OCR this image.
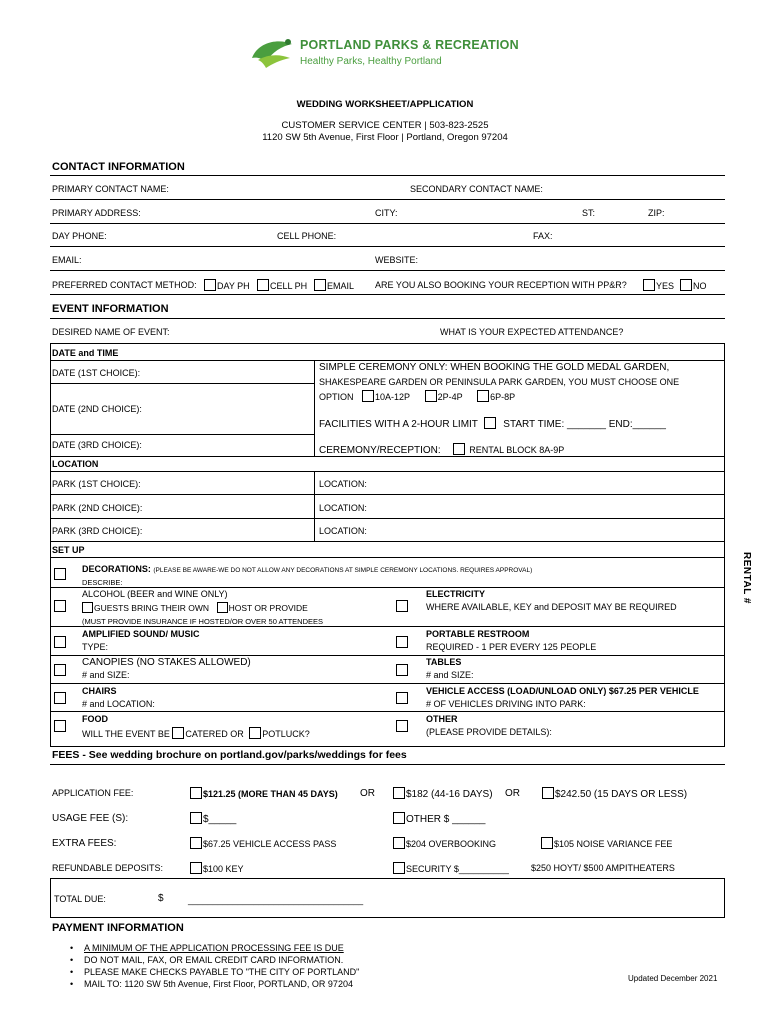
PORTLAND PARKS & RECREATION
Healthy Parks, Healthy Portland
WEDDING WORKSHEET/APPLICATION
CUSTOMER SERVICE CENTER | 503-823-2525
1120 SW 5th Avenue, First Floor | Portland, Oregon 97204
CONTACT INFORMATION
PRIMARY CONTACT NAME:	SECONDARY CONTACT NAME:
PRIMARY ADDRESS:	CITY:	ST:	ZIP:
DAY PHONE:	CELL PHONE:	FAX:
EMAIL:	WEBSITE:
PREFERRED CONTACT METHOD:	DAY PH	CELL PH	EMAIL ARE YOU ALSO BOOKING YOUR RECEPTION WITH PP&R?	YES	NO
EVENT INFORMATION
DESIRED NAME OF EVENT:	WHAT IS YOUR EXPECTED ATTENDANCE?
DATE and TIME
DATE (1ST CHOICE):
DATE (2ND CHOICE):
DATE (3RD CHOICE):
SIMPLE CEREMONY ONLY: WHEN BOOKING THE GOLD MEDAL GARDEN,
SHAKESPEARE GARDEN OR PENINSULA PARK GARDEN, YOU MUST CHOOSE ONE
OPTION 10A-12P	2P-4P	6P-8P
FACILITIES WITH A 2-HOUR LIMIT	START TIME: _______ END:______
CEREMONY/RECEPTION:	RENTAL BLOCK 8A-9P
LOCATION
PARK (1ST CHOICE):	LOCATION:
PARK (2ND CHOICE):	LOCATION:
PARK (3RD CHOICE):	LOCATION:
SET UP
RENTAL #
DECORATIONS: (PLEASE BE AWARE-WE DO NOT ALLOW ANY DECORATIONS AT SIMPLE CEREMONY LOCATIONS. REQUIRES APPROVAL)
DESCRIBE:
ALCOHOL (BEER and WINE ONLY)
GUESTS BRING THEIR OWN HOST OR PROVIDE
(MUST PROVIDE INSURANCE IF HOSTED/OR OVER 50 ATTENDEES
ELECTRICITY
WHERE AVAILABLE, KEY and DEPOSIT MAY BE REQUIRED
AMPLIFIED SOUND/ MUSIC
TYPE:
PORTABLE RESTROOM
REQUIRED - 1 PER EVERY 125 PEOPLE
CANOPIES (NO STAKES ALLOWED)
# and SIZE:
TABLES
# and SIZE:
CHAIRS
# and LOCATION:
VEHICLE ACCESS (LOAD/UNLOAD ONLY) $67.25 PER VEHICLE
# OF VEHICLES DRIVING INTO PARK:
FOOD
WILL THE EVENT BE CATERED OR POTLUCK?
OTHER
(PLEASE PROVIDE DETAILS):
FEES - See wedding brochure on portland.gov/parks/weddings for fees
APPLICATION FEE:	$121.25 (MORE THAN 45 DAYS) OR	$182 (44-16 DAYS) OR	$242.50 (15 DAYS OR LESS)
USAGE FEE (S):	$_____	OTHER $ ______
EXTRA FEES:	$67.25 VEHICLE ACCESS PASS	$204 OVERBOOKING	$105 NOISE VARIANCE FEE
REFUNDABLE DEPOSITS:	$100 KEY	SECURITY $__________ $250 HOYT/ $500 AMPITHEATERS
TOTAL DUE:	$	___________________________________
PAYMENT INFORMATION
• A MINIMUM OF THE APPLICATION PROCESSING FEE IS DUE
• DO NOT MAIL, FAX, OR EMAIL CREDIT CARD INFORMATION.
• PLEASE MAKE CHECKS PAYABLE TO "THE CITY OF PORTLAND"
• MAIL TO: 1120 SW 5th Avenue, First Floor, PORTLAND, OR 97204
Updated December 2021
